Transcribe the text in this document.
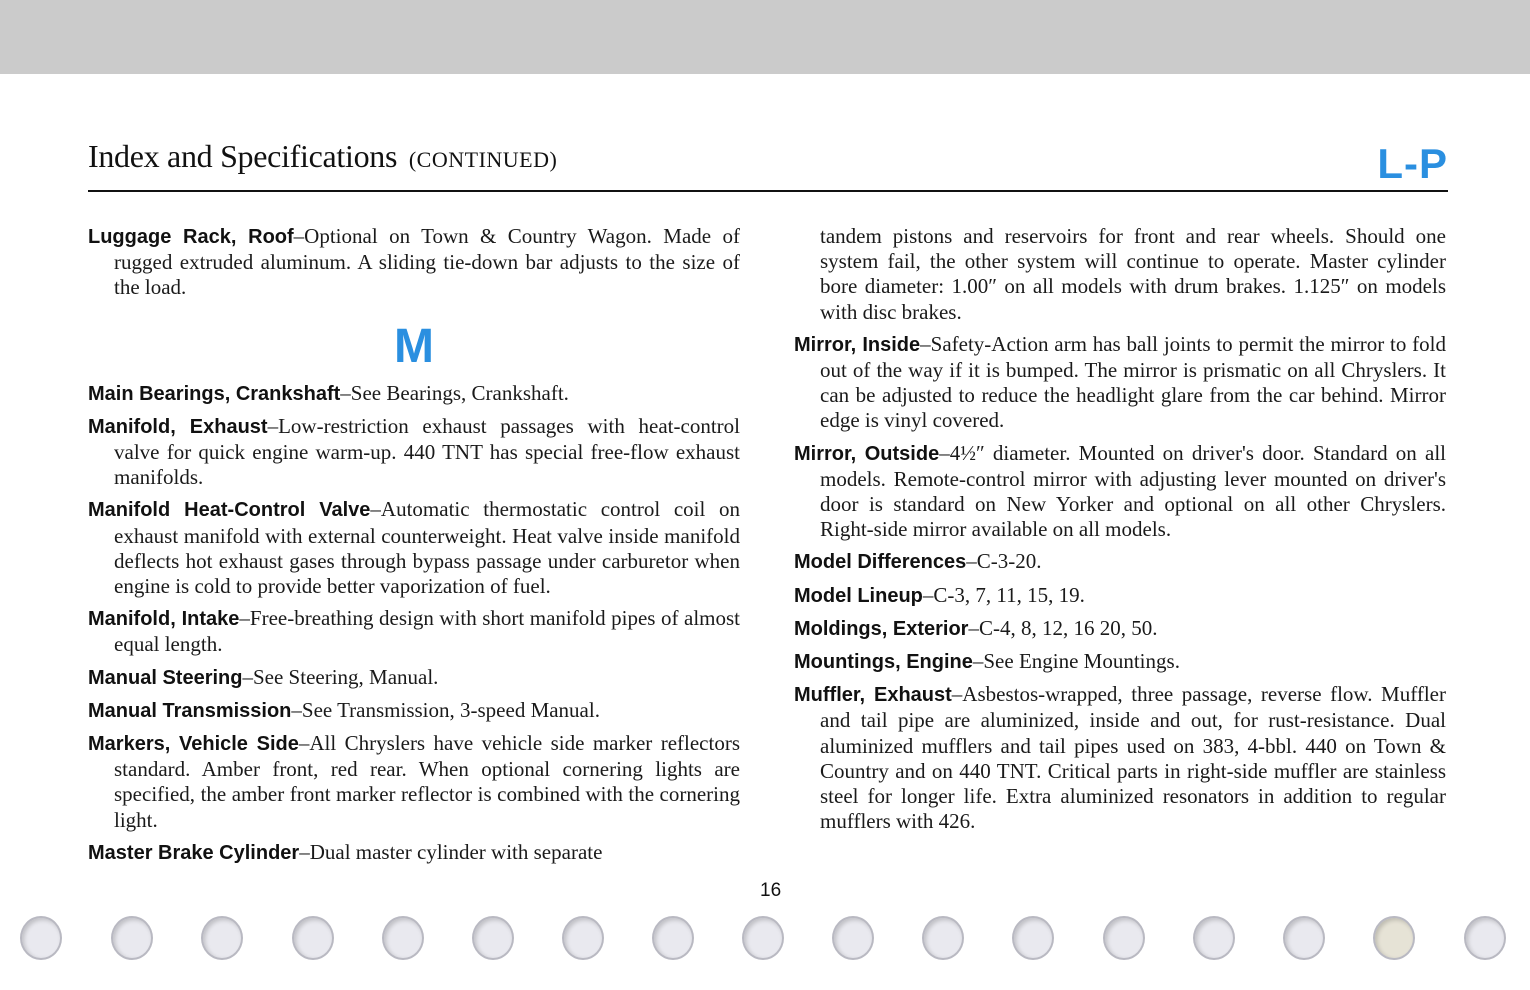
Index and Specifications (CONTINUED)	L-P

Luggage Rack, Roof–Optional on Town & Country Wagon. Made of rugged extruded aluminum. A sliding tie-down bar adjusts to the size of the load.

M

Main Bearings, Crankshaft–See Bearings, Crankshaft.

Manifold, Exhaust–Low-restriction exhaust passages with heat-control valve for quick engine warm-up. 440 TNT has special free-flow exhaust manifolds.

Manifold Heat-Control Valve–Automatic thermostatic control coil on exhaust manifold with external counterweight. Heat valve inside manifold deflects hot exhaust gases through bypass passage under carburetor when engine is cold to provide better vaporization of fuel.

Manifold, Intake–Free-breathing design with short manifold pipes of almost equal length.

Manual Steering–See Steering, Manual.

Manual Transmission–See Transmission, 3-speed Manual.

Markers, Vehicle Side–All Chryslers have vehicle side marker reflectors standard. Amber front, red rear. When optional cornering lights are specified, the amber front marker reflector is combined with the cornering light.

Master Brake Cylinder–Dual master cylinder with separate

tandem pistons and reservoirs for front and rear wheels. Should one system fail, the other system will continue to operate. Master cylinder bore diameter: 1.00″ on all models with drum brakes. 1.125″ on models with disc brakes.

Mirror, Inside–Safety-Action arm has ball joints to permit the mirror to fold out of the way if it is bumped. The mirror is prismatic on all Chryslers. It can be adjusted to reduce the headlight glare from the car behind. Mirror edge is vinyl covered.

Mirror, Outside–4½″ diameter. Mounted on driver's door. Standard on all models. Remote-control mirror with adjusting lever mounted on driver's door is standard on New Yorker and optional on all other Chryslers. Right-side mirror available on all models.

Model Differences–C-3-20.

Model Lineup–C-3, 7, 11, 15, 19.

Moldings, Exterior–C-4, 8, 12, 16 20, 50.

Mountings, Engine–See Engine Mountings.

Muffler, Exhaust–Asbestos-wrapped, three passage, reverse flow. Muffler and tail pipe are aluminized, inside and out, for rust-resistance. Dual aluminized mufflers and tail pipes used on 383, 4-bbl. 440 on Town & Country and on 440 TNT. Critical parts in right-side muffler are stainless steel for longer life. Extra aluminized resonators in addition to regular mufflers with 426.

16
